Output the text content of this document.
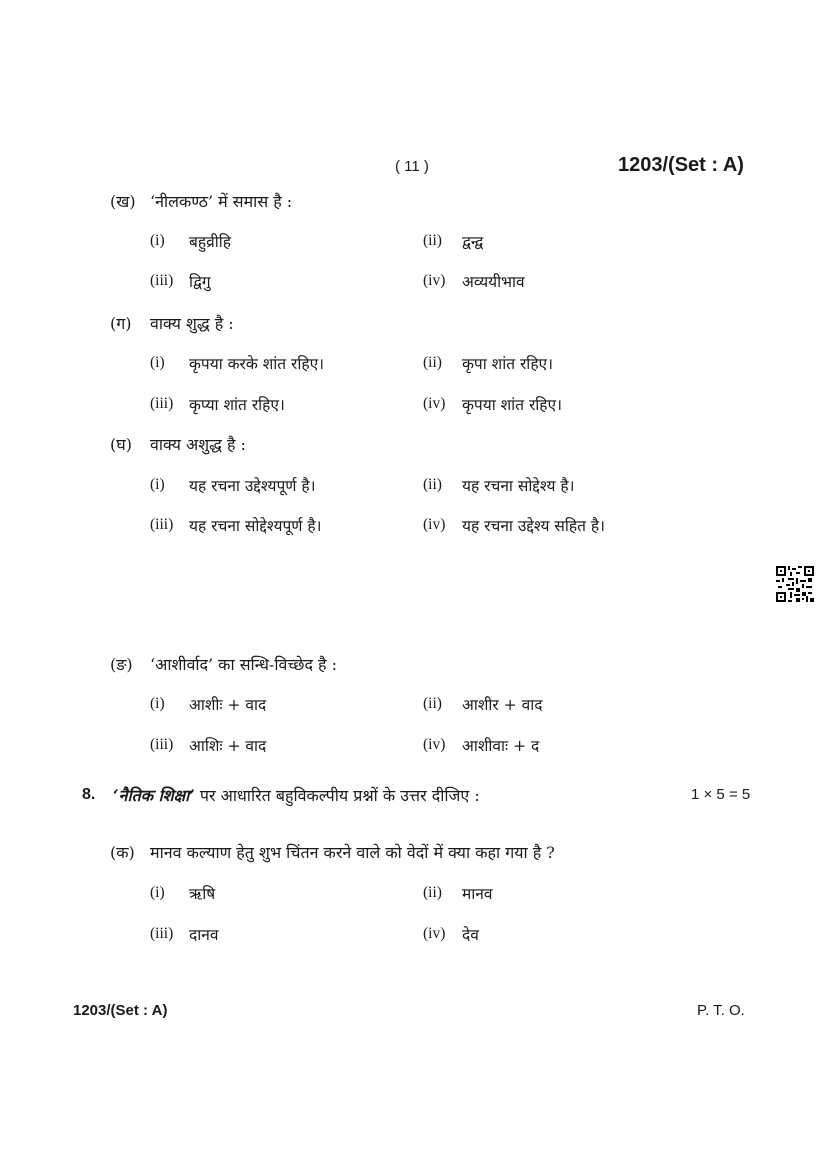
( 11 )	1203/(Set : A)
(ख) ‘नीलकण्ठ’ में समास है :
(i) बहुव्रीहि	(ii) द्वन्द्व
(iii) द्विगु	(iv) अव्ययीभाव
(ग) वाक्य शुद्ध है :
(i) कृपया करके शांत रहिए।	(ii) कृपा शांत रहिए।
(iii) कृप्या शांत रहिए।	(iv) कृपया शांत रहिए।
(घ) वाक्य अशुद्ध है :
(i) यह रचना उद्देश्यपूर्ण है।	(ii) यह रचना सोद्देश्य है।
(iii) यह रचना सोद्देश्यपूर्ण है।	(iv) यह रचना उद्देश्य सहित है।
(ङ) ‘आशीर्वाद’ का सन्धि-विच्छेद है :
(i) आशीः + वाद	(ii) आशीर + वाद
(iii) आशिः + वाद	(iv) आशीवाः + द
8. ‘नैतिक शिक्षा’ पर आधारित बहुविकल्पीय प्रश्नों के उत्तर दीजिए :	1 × 5 = 5
(क) मानव कल्याण हेतु शुभ चिंतन करने वाले को वेदों में क्या कहा गया है ?
(i) ऋषि	(ii) मानव
(iii) दानव	(iv) देव
1203/(Set : A)	P. T. O.
